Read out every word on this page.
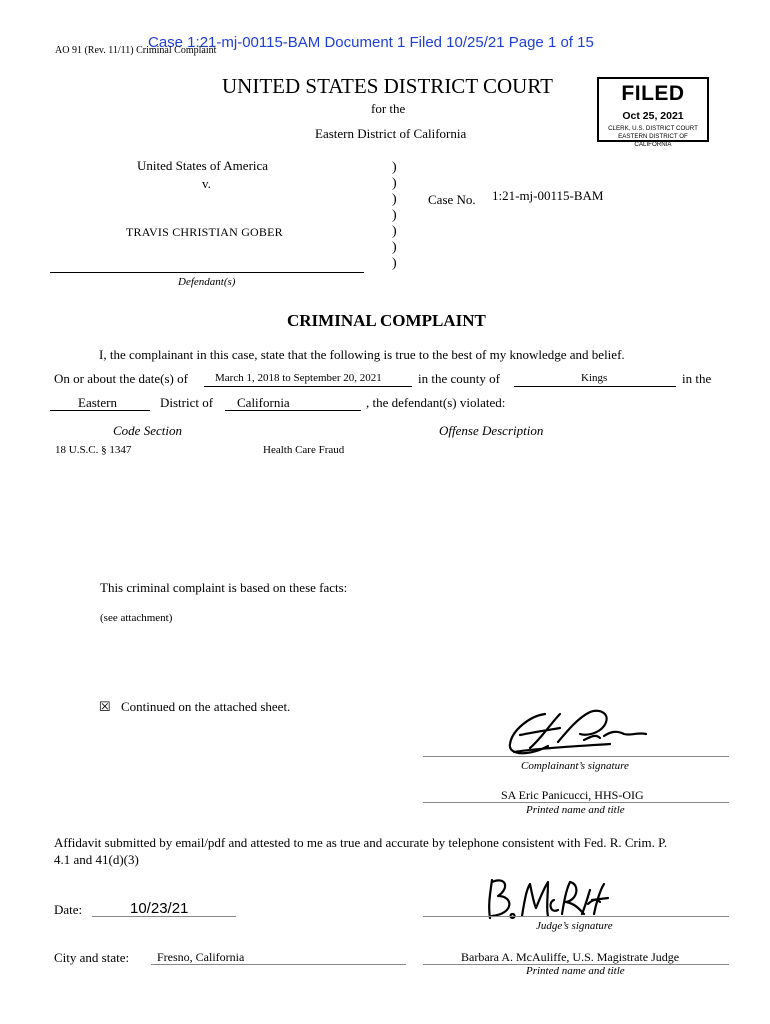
Case 1:21-mj-00115-BAM Document 1 Filed 10/25/21 Page 1 of 15
AO 91 (Rev. 11/11) Criminal Complaint
UNITED STATES DISTRICT COURT
for the
Eastern District of California
FILED
Oct 25, 2021
CLERK, U.S. DISTRICT COURT
EASTERN DISTRICT OF CALIFORNIA
United States of America
v.
TRAVIS CHRISTIAN GOBER
Defendant(s)
)
)
)
)
)
)
)
Case No. 1:21-mj-00115-BAM
CRIMINAL COMPLAINT
I, the complainant in this case, state that the following is true to the best of my knowledge and belief.
On or about the date(s) of March 1, 2018 to September 20, 2021	in the county of	Kings	in the
Eastern	District of California	, the defendant(s) violated:
Code Section	Offense Description
18 U.S.C. § 1347	Health Care Fraud
This criminal complaint is based on these facts:
(see attachment)
☒ Continued on the attached sheet.
Complainant’s signature
SA Eric Panicucci, HHS-OIG
Printed name and title
Affidavit submitted by email/pdf and attested to me as true and accurate by telephone consistent with Fed. R. Crim. P.
4.1 and 41(d)(3)
Date:	10/23/21
Judge’s signature
City and state: Fresno, California	Barbara A. McAuliffe, U.S. Magistrate Judge
Printed name and title
